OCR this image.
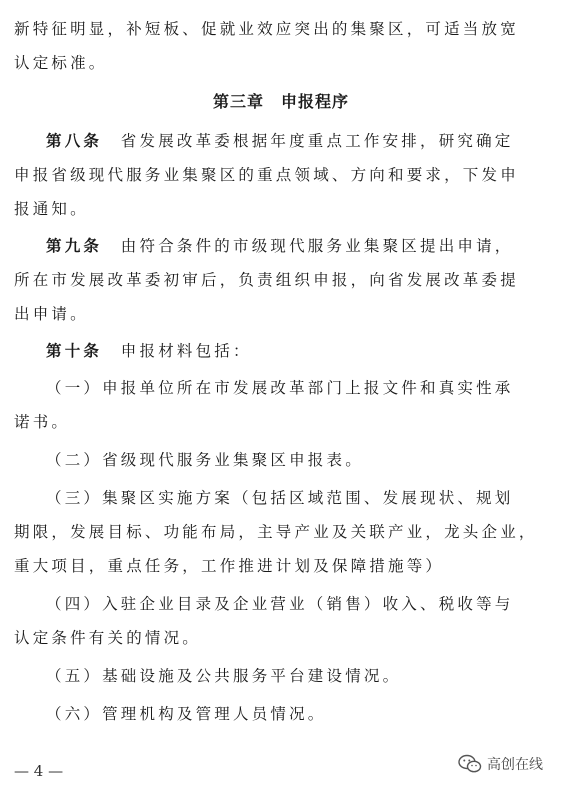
新特征明显，补短板、促就业效应突出的集聚区，可适当放宽
认定标准。
第三章　申报程序
第八条　省发展改革委根据年度重点工作安排，研究确定
申报省级现代服务业集聚区的重点领域、方向和要求，下发申
报通知。
第九条　由符合条件的市级现代服务业集聚区提出申请，
所在市发展改革委初审后，负责组织申报，向省发展改革委提
出申请。
第十条　申报材料包括：
（一）申报单位所在市发展改革部门上报文件和真实性承
诺书。
（二）省级现代服务业集聚区申报表。
（三）集聚区实施方案（包括区域范围、发展现状、规划
期限，发展目标、功能布局，主导产业及关联产业，龙头企业，
重大项目，重点任务，工作推进计划及保障措施等）
（四）入驻企业目录及企业营业（销售）收入、税收等与
认定条件有关的情况。
（五）基础设施及公共服务平台建设情况。
（六）管理机构及管理人员情况。
— 4 —	高创在线
